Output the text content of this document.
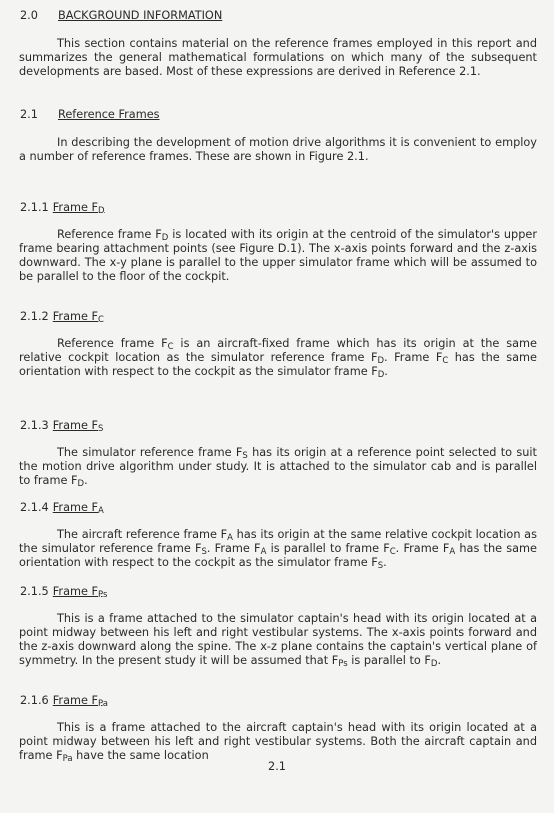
2.0 BACKGROUND INFORMATION

This section contains material on the reference frames employed in this report and summarizes the general mathematical formulations on which many of the subsequent developments are based. Most of these expressions are derived in Reference 2.1.

2.1 Reference Frames

In describing the development of motion drive algorithms it is convenient to employ a number of reference frames. These are shown in Figure 2.1.

2.1.1Frame $F_D$

Reference frame $F_D$ is located with its origin at the centroid of the simulator's upper frame bearing attachment points (see Figure D.1). The x-axis points forward and the z-axis downward. The x-y plane is parallel to the upper simulator frame which will be assumed to be parallel to the floor of the cockpit.

2.1.2Frame $F_C$

Reference frame $F_C$ is an aircraft-fixed frame which has its origin at the same relative cockpit location as the simulator reference frame $F_D$. Frame $F_C$ has the same orientation with respect to the cockpit as the simulator frame $F_D$.

2.1.3Frame $F_S$

The simulator reference frame $F_S$ has its origin at a reference point selected to suit the motion drive algorithm under study. It is attached to the simulator cab and is parallel to frame $F_D$.

2.1.4Frame $F_A$

The aircraft reference frame $F_A$ has its origin at the same relative cockpit location as the simulator reference frame $F_S$. Frame $F_A$ is parallel to frame $F_C$. Frame $F_A$ has the same orientation with respect to the cockpit as the simulator frame $F_S$.

2.1.5Frame $F_{Ps}$

This is a frame attached to the simulator captain's head with its origin located at a point midway between his left and right vestibular systems. The x-axis points forward and the z-axis downward along the spine. The x-z plane contains the captain's vertical plane of symmetry. In the present study it will be assumed that $F_{Ps}$ is parallel to $F_D$.

2.1.6Frame $F_{Pa}$

This is a frame attached to the aircraft captain's head with its origin located at a point midway between his left and right vestibular systems. Both the aircraft captain and frame $F_{Pa}$ have the same location

2.1
